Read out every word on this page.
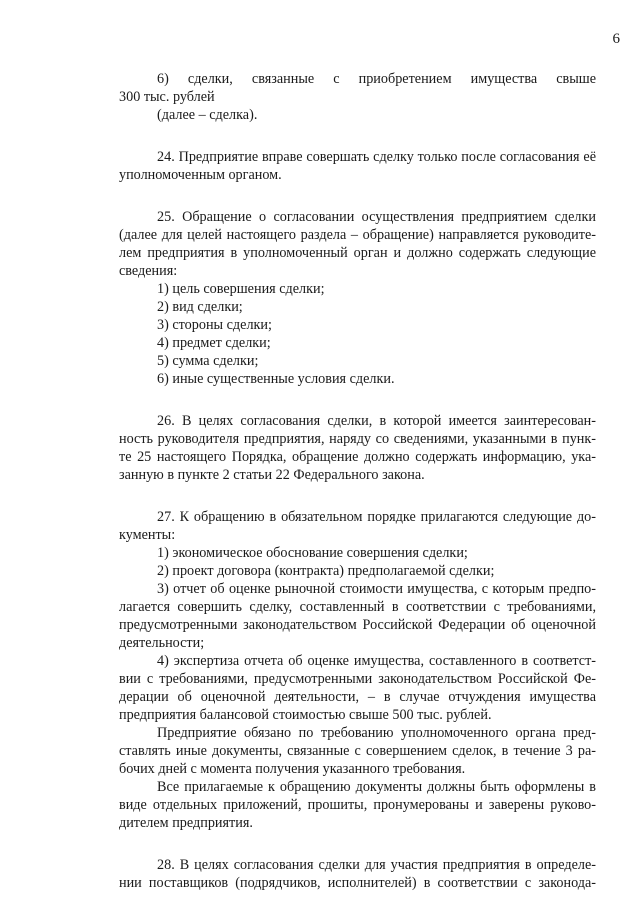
6
6)     сделки,     связанные     с     приобретением     имущества     свыше
300 тыс. рублей
(далее – сделка).
24. Предприятие вправе совершать сделку только после согласования её
уполномоченным органом.
25. Обращение о согласовании осуществления предприятием сделки
(далее для целей настоящего раздела – обращение) направляется руководите-
лем предприятия в уполномоченный орган и должно содержать следующие
сведения:

1) цель совершения сделки;

2) вид сделки;

3) стороны сделки;

4) предмет сделки;

5) сумма сделки;

6) иные существенные условия сделки.

26. В целях согласования сделки, в которой имеется заинтересован-
ность руководителя предприятия, наряду со сведениями, указанными в пунк-
те 25 настоящего Порядка, обращение должно содержать информацию, ука-
занную в пункте 2 статьи 22 Федерального закона.
27. К обращению в обязательном порядке прилагаются следующие до-
кументы:

1) экономическое обоснование совершения сделки;

2) проект договора (контракта) предполагаемой сделки;

3) отчет об оценке рыночной стоимости имущества, с которым предпо-
лагается совершить сделку, составленный в соответствии с требованиями,
предусмотренными законодательством Российской Федерации об оценочной
деятельности;
4) экспертиза отчета об оценке имущества, составленного в соответст-
вии с требованиями, предусмотренными законодательством Российской Фе-
дерации об оценочной деятельности, – в случае отчуждения имущества
предприятия балансовой стоимостью свыше 500 тыс. рублей.
Предприятие обязано по требованию уполномоченного органа пред-
ставлять иные документы, связанные с совершением сделок, в течение 3 ра-
бочих дней с момента получения указанного требования.
Все прилагаемые к обращению документы должны быть оформлены в
виде отдельных приложений, прошиты, пронумерованы и заверены руково-
дителем предприятия.
28. В целях согласования сделки для участия предприятия в определе-
нии поставщиков (подрядчиков, исполнителей) в соответствии с законода-
